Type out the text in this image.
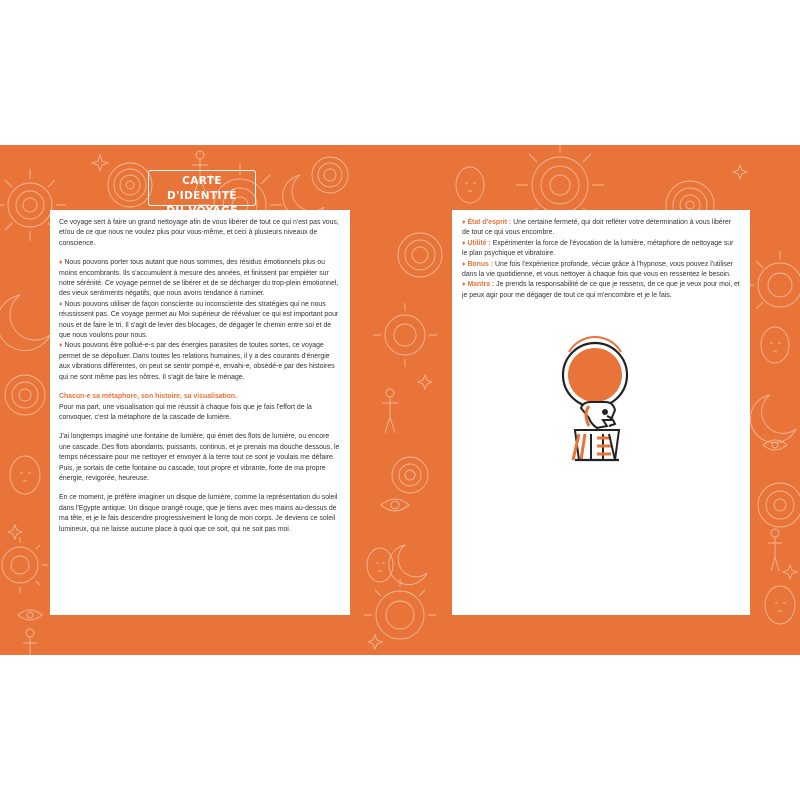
CARTE D'IDENTITÉ

Ce voyage sert à faire un grand nettoyage afin de vous libérer de tout ce qui n'est pas vous, et/ou de ce que nous ne voulez plus pour vous-même, et ceci à plusieurs niveaux de conscience.

♦ Nous pouvons porter tous autant que nous sommes, des résidus émotionnels plus ou moins encombrants. Ils s'accumulent à mesure des années, et finissent par empiéter sur notre sérénité. Ce voyage permet de se libérer et de se décharger du trop-plein émotionnel, des vieux sentiments négatifs, que nous avons tendance à ruminer.

♦ Nous pouvons utiliser de façon consciente ou inconsciente des stratégies qui ne nous réussissent pas. Ce voyage permet au Moi supérieur de réévaluer ce qui est important pour nous et de faire le tri. Il s'agit de lever des blocages, de dégager le chemin entre soi et de que nous voulons pour nous.

♦ Nous pouvons être pollué-e-s par des énergies parasites de toutes sortes, ce voyage permet de se dépolluer. Dans toutes les relations humaines, il y a des courants d'énergie aux vibrations différentes, on peut se sentir pompé-e, envahi-e, obsédé-e par des histoires qui ne sont même pas les nôtres. Il s'agit de faire le ménage.

Chacun-e sa métaphore, son histoire, sa visualisation.
Pour ma part, une visualisation qui me réussit à chaque fois que je fais l'effort de la convoquer, c'est la métaphore de la cascade de lumière.

J'ai longtemps imaginé une fontaine de lumière, qui émet des flots de lumière, ou encore une cascade. Des flots abondants, puissants, continus, et je prenais ma douche dessous, le temps nécessaire pour me nettoyer et envoyer à la terre tout ce sont je voulais me défaire. Puis, je sortais de cette fontaine ou cascade, tout propre et vibrante, forte de ma propre énergie, revigorée, heureuse.

En ce moment, je préfère imaginer un disque de lumière, comme la représentation du soleil dans l'Egypte antique. Un disque orangé rouge, que je tiens avec mes mains au-dessus de ma tête, et je le fais descendre progressivement le long de mon corps. Je deviens ce soleil lumineux, qui ne laisse aucune place à quoi que ce soit, qui ne soit pas moi.

♦ État d'esprit : Une certaine fermeté, qui doit refléter votre détermination à vous libérer de tout ce qui vous encombre.

♦ Utilité : Expérimenter la force de l'évocation de la lumière, métaphore de nettoyage sur le plan psychique et vibratoire.

♦ Bonus : Une fois l'expérience profonde, vécue grâce à l'hypnose, vous pouvez l'utiliser dans la vie quotidienne, et vous nettoyer à chaque fois que vous en ressentez le besoin.

♦ Mantra : Je prends la responsabilité de ce que je ressens, de ce que je veux pour moi, et je peux agir pour me dégager de tout ce qui m'encombre et je le fais.
